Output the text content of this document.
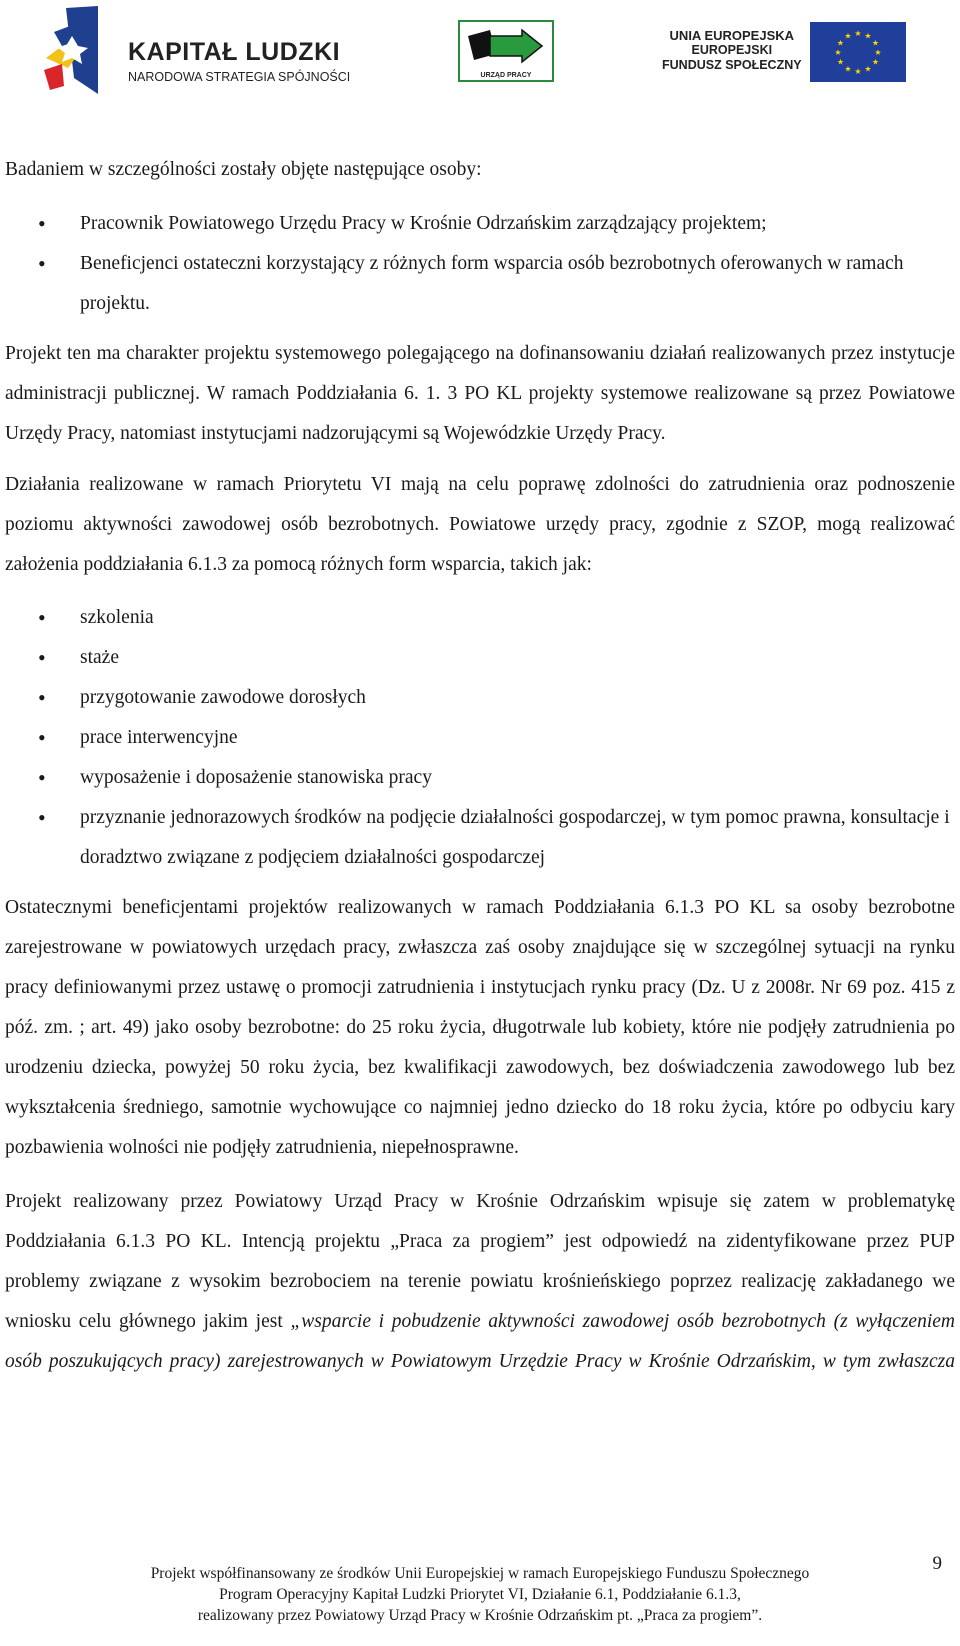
KAPITAŁ LUDZKI
NARODOWA STRATEGIA SPÓJNOŚCI	URZĄD PRACY
UNIA EUROPEJSKA
EUROPEJSKI
FUNDUSZ SPOŁECZNY
★ ★
★
★
★
★
★
★
★
★
★
★

Badaniem w szczególności zostały objęte następujące osoby:

• Pracownik Powiatowego Urzędu Pracy w Krośnie Odrzańskim zarządzający projektem;
• Beneficjenci ostateczni korzystający z różnych form wsparcia osób bezrobotnych oferowanych w ramach projektu.

Projekt ten ma charakter projektu systemowego polegającego na dofinansowaniu działań realizowanych przez instytucje administracji publicznej. W ramach Poddziałania 6. 1. 3 PO KL projekty systemowe realizowane są przez Powiatowe Urzędy Pracy, natomiast instytucjami nadzorującymi są Wojewódzkie Urzędy Pracy.

Działania realizowane w ramach Priorytetu VI mają na celu poprawę zdolności do zatrudnienia oraz podnoszenie poziomu aktywności zawodowej osób bezrobotnych. Powiatowe urzędy pracy, zgodnie z SZOP, mogą realizować założenia poddziałania 6.1.3 za pomocą różnych form wsparcia, takich jak:

• szkolenia
• staże
• przygotowanie zawodowe dorosłych
• prace interwencyjne
• wyposażenie i doposażenie stanowiska pracy
• przyznanie jednorazowych środków na podjęcie działalności gospodarczej, w tym pomoc prawna, konsultacje i doradztwo związane z podjęciem działalności gospodarczej

Ostatecznymi beneficjentami projektów realizowanych w ramach Poddziałania 6.1.3 PO KL sa osoby bezrobotne zarejestrowane w powiatowych urzędach pracy, zwłaszcza zaś osoby znajdujące się w szczególnej sytuacji na rynku pracy definiowanymi przez ustawę o promocji zatrudnienia i instytucjach rynku pracy (Dz. U z 2008r. Nr 69 poz. 415 z póź. zm. ; art. 49) jako osoby bezrobotne: do 25 roku życia, długotrwale lub kobiety, które nie podjęły zatrudnienia po urodzeniu dziecka, powyżej 50 roku życia, bez kwalifikacji zawodowych, bez doświadczenia zawodowego lub bez wykształcenia średniego, samotnie wychowujące co najmniej jedno dziecko do 18 roku życia, które po odbyciu kary pozbawienia wolności nie podjęły zatrudnienia, niepełnosprawne.

Projekt realizowany przez Powiatowy Urząd Pracy w Krośnie Odrzańskim wpisuje się zatem w problematykę Poddziałania 6.1.3 PO KL. Intencją projektu „Praca za progiem” jest odpowiedź na zidentyfikowane przez PUP problemy związane z wysokim bezrobociem na terenie powiatu krośnieńskiego poprzez realizację zakładanego we wniosku celu głównego jakim jest „wsparcie i pobudzenie aktywności zawodowej osób bezrobotnych (z wyłączeniem osób poszukujących pracy) zarejestrowanych w Powiatowym Urzędzie Pracy w Krośnie Odrzańskim, w tym zwłaszcza

9
Projekt współfinansowany ze środków Unii Europejskiej w ramach Europejskiego Funduszu Społecznego
Program Operacyjny Kapitał Ludzki Priorytet VI, Działanie 6.1, Poddziałanie 6.1.3,
realizowany przez Powiatowy Urząd Pracy w Krośnie Odrzańskim pt. „Praca za progiem”.
